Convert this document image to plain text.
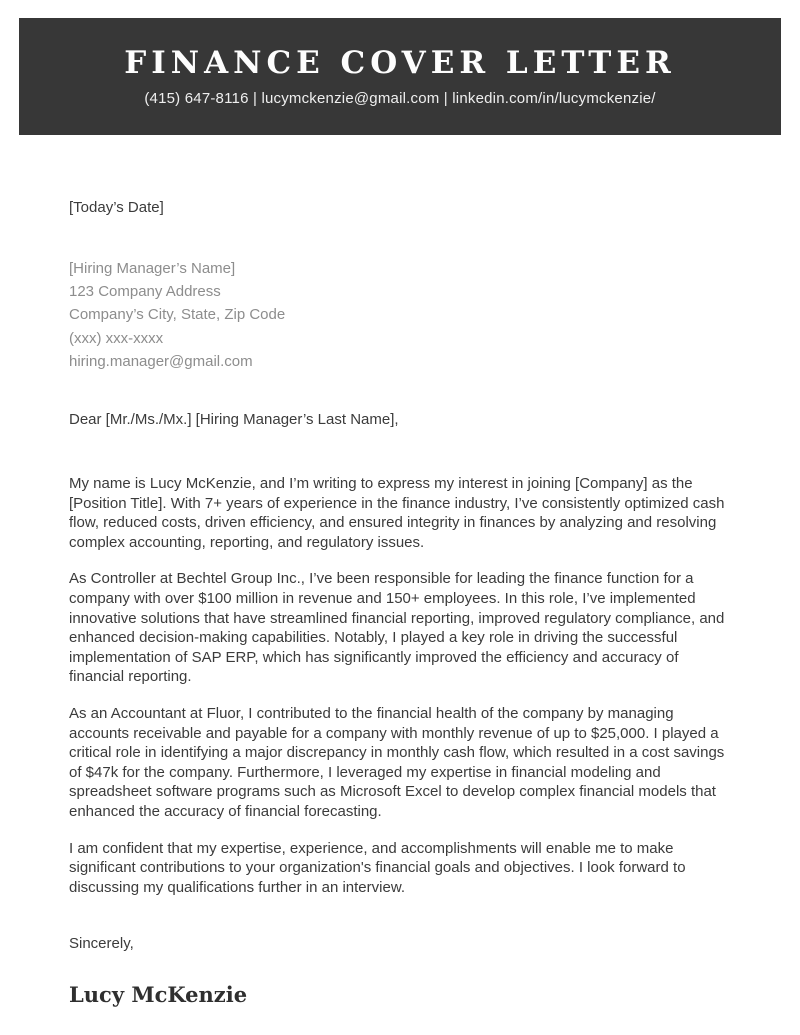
FINANCE COVER LETTER
(415) 647-8116 | lucymckenzie@gmail.com | linkedin.com/in/lucymckenzie/
[Today’s Date]
[Hiring Manager’s Name]
123 Company Address
Company’s City, State, Zip Code
(xxx) xxx-xxxx
hiring.manager@gmail.com
Dear [Mr./Ms./Mx.] [Hiring Manager’s Last Name],

My name is Lucy McKenzie, and I’m writing to express my interest in joining [Company] as the [Position Title]. With 7+ years of experience in the finance industry, I’ve consistently optimized cash flow, reduced costs, driven efficiency, and ensured integrity in finances by analyzing and resolving complex accounting, reporting, and regulatory issues.

As Controller at Bechtel Group Inc., I’ve been responsible for leading the finance function for a company with over $100 million in revenue and 150+ employees. In this role, I’ve implemented innovative solutions that have streamlined financial reporting, improved regulatory compliance, and enhanced decision-making capabilities. Notably, I played a key role in driving the successful implementation of SAP ERP, which has significantly improved the efficiency and accuracy of financial reporting.

As an Accountant at Fluor, I contributed to the financial health of the company by managing accounts receivable and payable for a company with monthly revenue of up to $25,000. I played a critical role in identifying a major discrepancy in monthly cash flow, which resulted in a cost savings of $47k for the company. Furthermore, I leveraged my expertise in financial modeling and spreadsheet software programs such as Microsoft Excel to develop complex financial models that enhanced the accuracy of financial forecasting.

I am confident that my expertise, experience, and accomplishments will enable me to make significant contributions to your organization's financial goals and objectives. I look forward to discussing my qualifications further in an interview.

Sincerely,
Lucy McKenzie
